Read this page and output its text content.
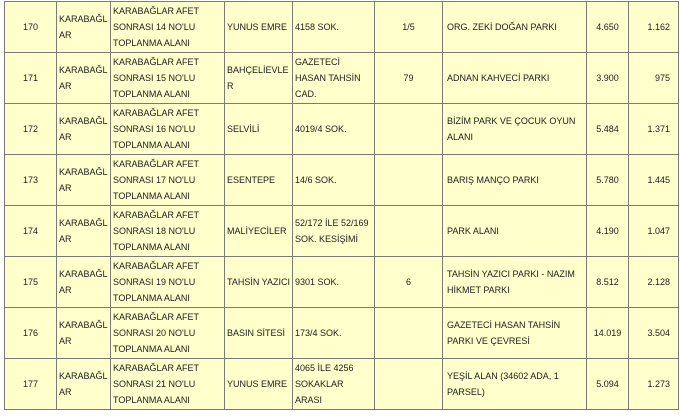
170	KARABAĞLAR	KARABAĞLAR AFET SONRASI 14 NO'LU TOPLANMA ALANI	YUNUS EMRE	4158 SOK.	1/5	ORG. ZEKİ DOĞAN PARKI	4.650	1.162
171	KARABAĞLAR	KARABAĞLAR AFET SONRASI 15 NO'LU TOPLANMA ALANI	BAHÇELİEVLER	GAZETECİ HASAN TAHSİN CAD.	79	ADNAN KAHVECİ PARKI	3.900	975
172	KARABAĞLAR	KARABAĞLAR AFET SONRASI 16 NO'LU TOPLANMA ALANI	SELVİLİ	4019/4 SOK.		BİZİM PARK VE ÇOCUK OYUN ALANI	5.484	1.371
173	KARABAĞLAR	KARABAĞLAR AFET SONRASI 17 NO'LU TOPLANMA ALANI	ESENTEPE	14/6 SOK.		BARIŞ MANÇO PARKI	5.780	1.445
174	KARABAĞLAR	KARABAĞLAR AFET SONRASI 18 NO'LU TOPLANMA ALANI	MALİYECİLER	52/172 İLE 52/169 SOK. KESİŞİMİ		PARK ALANI	4.190	1.047
175	KARABAĞLAR	KARABAĞLAR AFET SONRASI 19 NO'LU TOPLANMA ALANI	TAHSİN YAZICI	9301 SOK.	6	TAHSİN YAZICI PARKI - NAZIM HİKMET PARKI	8.512	2.128
176	KARABAĞLAR	KARABAĞLAR AFET SONRASI 20 NO'LU TOPLANMA ALANI	BASIN SİTESİ	173/4 SOK.		GAZETECİ HASAN TAHSİN PARKI VE ÇEVRESİ	14.019	3.504
177	KARABAĞLAR	KARABAĞLAR AFET SONRASI 21 NO'LU TOPLANMA ALANI	YUNUS EMRE	4065 İLE 4256 SOKAKLAR ARASI		YEŞİL ALAN (34602 ADA, 1 PARSEL)	5.094	1.273
